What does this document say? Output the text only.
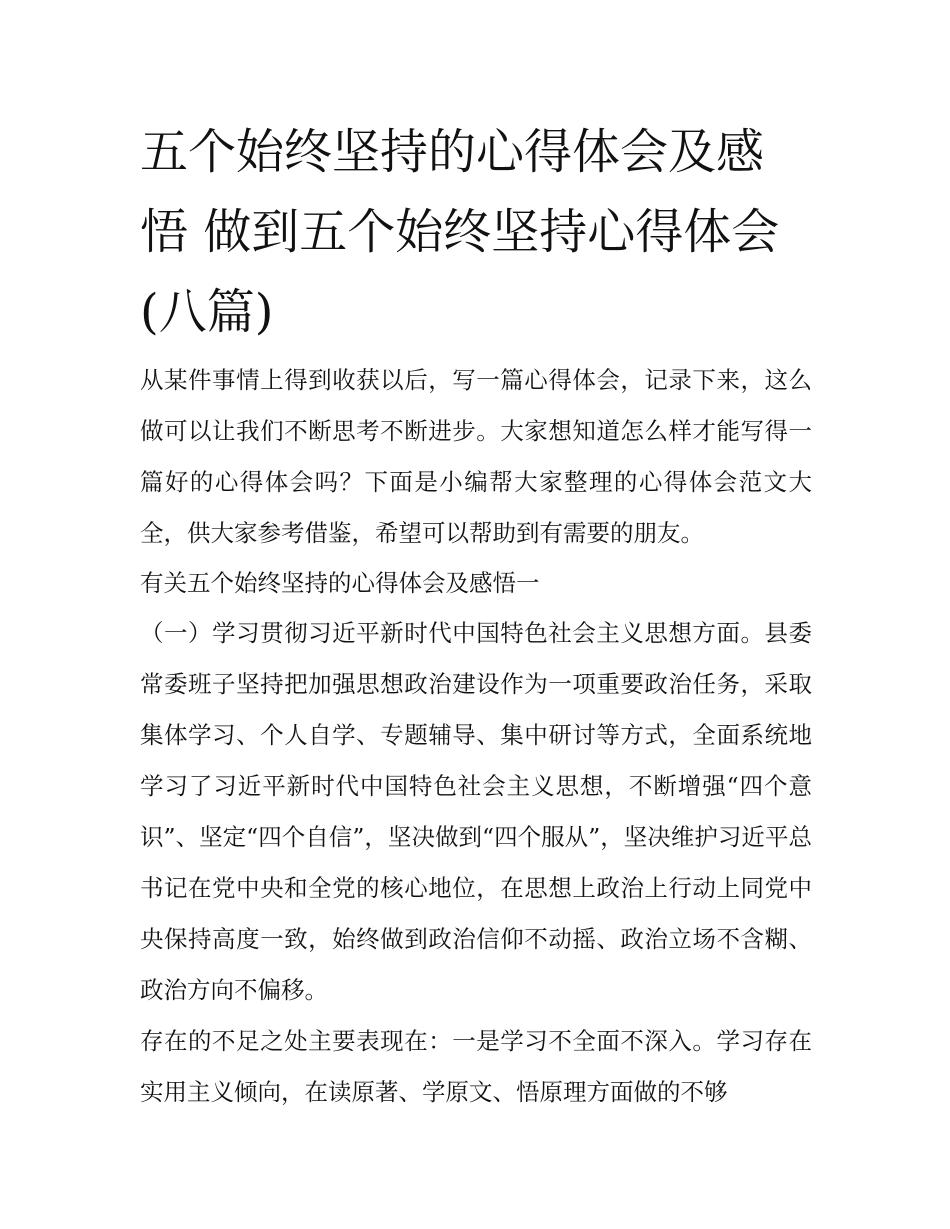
五个始终坚持的心得体会及感
悟 做到五个始终坚持心得体会
(八篇)

从某件事情上得到收获以后，写一篇心得体会，记录下来，这么做可以让我们不断思考不断进步。大家想知道怎么样才能写得一篇好的心得体会吗？下面是小编帮大家整理的心得体会范文大全，供大家参考借鉴，希望可以帮助到有需要的朋友。

有关五个始终坚持的心得体会及感悟一

（一）学习贯彻习近平新时代中国特色社会主义思想方面。县委常委班子坚持把加强思想政治建设作为一项重要政治任务，采取集体学习、个人自学、专题辅导、集中研讨等方式，全面系统地学习了习近平新时代中国特色社会主义思想，不断增强“四个意识”、坚定“四个自信”，坚决做到“四个服从”，坚决维护习近平总书记在党中央和全党的核心地位，在思想上政治上行动上同党中央保持高度一致，始终做到政治信仰不动摇、政治立场不含糊、政治方向不偏移。

存在的不足之处主要表现在：一是学习不全面不深入。学习存在实用主义倾向，在读原著、学原文、悟原理方面做的不够
